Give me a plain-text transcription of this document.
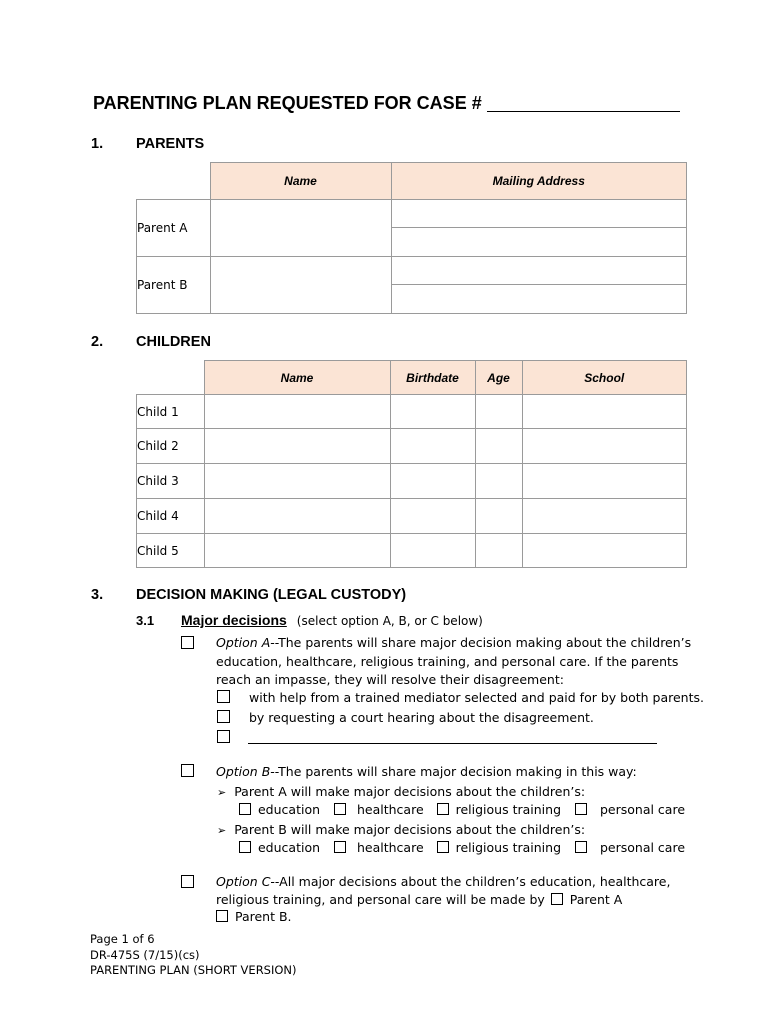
PARENTING PLAN REQUESTED FOR CASE #
1. PARENTS
	Name	Mailing Address
Parent A		

Parent B		

2. CHILDREN
	Name	Birthdate	Age	School
Child 1				
Child 2				
Child 3				
Child 4				
Child 5				
3. DECISION MAKING (LEGAL CUSTODY)
3.1 Major decisions (select option A, B, or C below)
Option A--The parents will share major decision making about the children’s
education, healthcare, religious training, and personal care. If the parents
reach an impasse, they will resolve their disagreement:
with help from a trained mediator selected and paid for by both parents.
by requesting a court hearing about the disagreement.
Option B--The parents will share major decision making in this way:
➢ Parent A will make major decisions about the children’s:
education	healthcare	religious training	personal care
➢ Parent B will make major decisions about the children’s:
education	healthcare	religious training	personal care
Option C--All major decisions about the children’s education, healthcare,
religious training, and personal care will be made by Parent A
Parent B.
Page 1 of 6
DR-475S (7/15)(cs)
PARENTING PLAN (SHORT VERSION)
